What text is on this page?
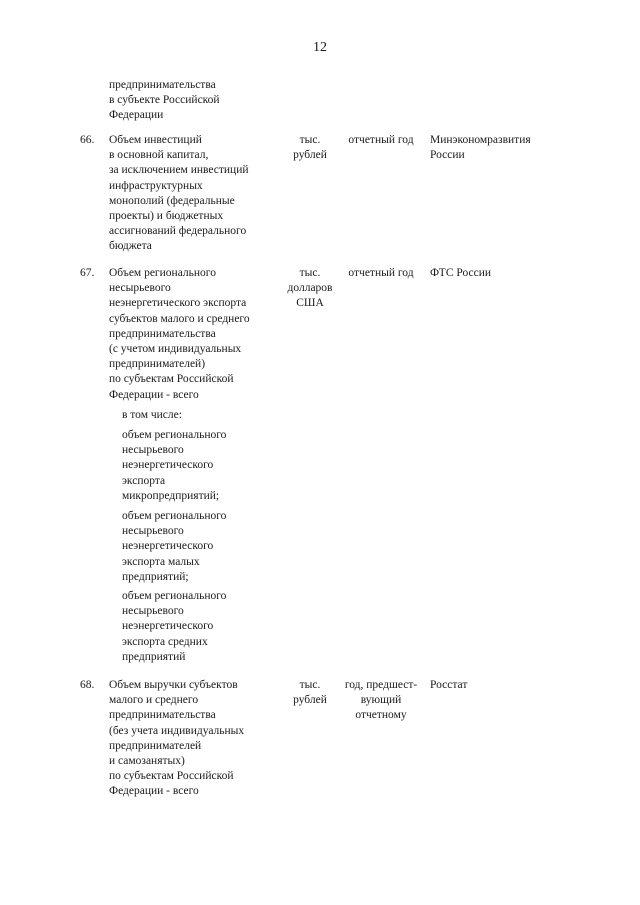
12
предпринимательства
в субъекте Российской
Федерации
66. Объем инвестиций
в основной капитал,
за исключением инвестиций
инфраструктурных
монополий (федеральные
проекты) и бюджетных
ассигнований федерального
бюджета
тыс.
рублей
отчетный год	Минэкономразвития
России
67. Объем регионального
несырьевого
неэнергетического экспорта
субъектов малого и среднего
предпринимательства
(с учетом индивидуальных
предпринимателей)
по субъектам Российской
Федерации - всего
тыс.
долларов
США
отчетный год	ФТС России
в том числе:
объем регионального
несырьевого
неэнергетического
экспорта
микропредприятий;
объем регионального
несырьевого
неэнергетического
экспорта малых
предприятий;
объем регионального
несырьевого
неэнергетического
экспорта средних
предприятий
68. Объем выручки субъектов
малого и среднего
предпринимательства
(без учета индивидуальных
предпринимателей
и самозанятых)
по субъектам Российской
Федерации - всего
тыс.
рублей
год, предшест-
вующий
отчетному
Росстат
